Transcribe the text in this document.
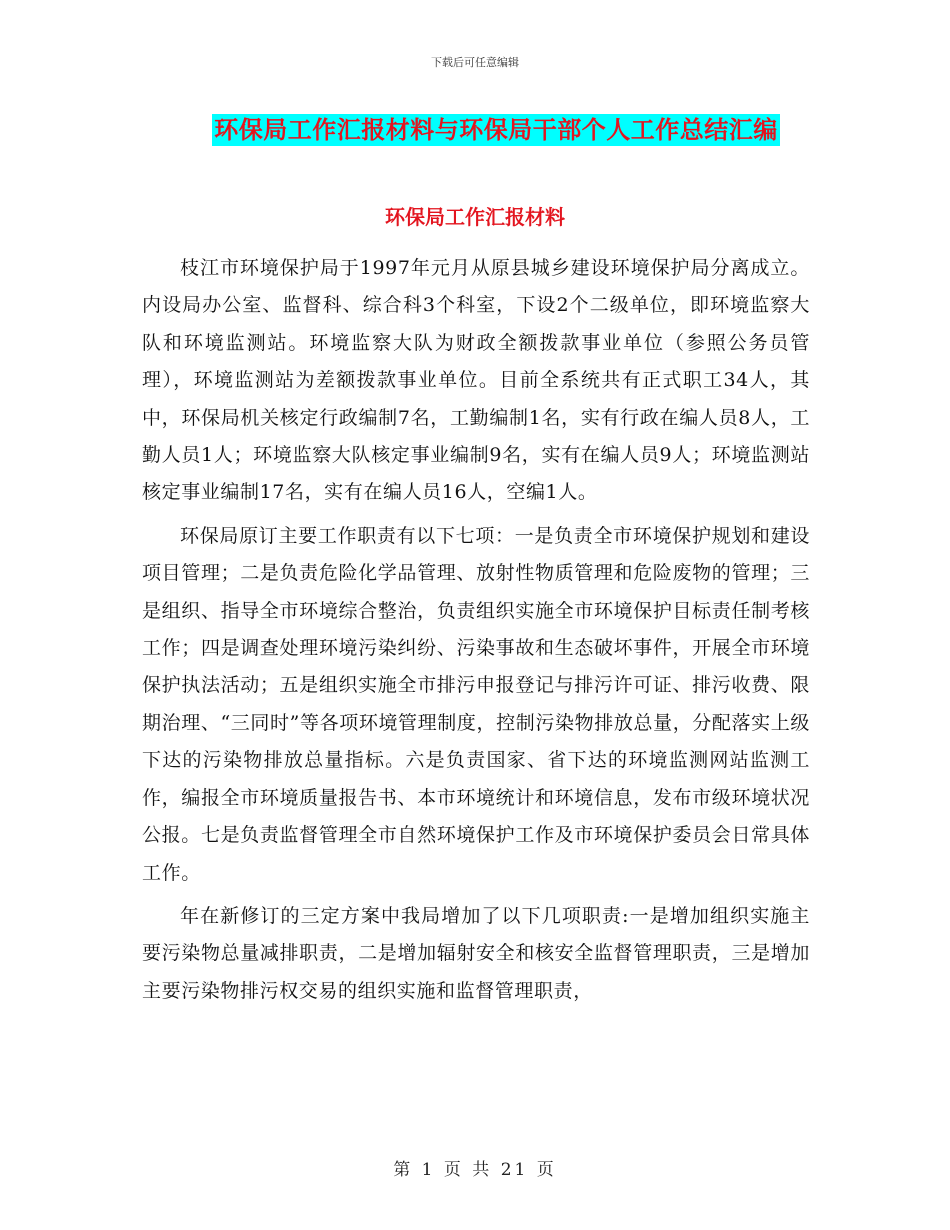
下载后可任意编辑
环保局工作汇报材料与环保局干部个人工作总结汇编
环保局工作汇报材料

枝江市环境保护局于1997年元月从原县城乡建设环境保护局分离成立。内设局办公室、监督科、综合科3个科室，下设2个二级单位，即环境监察大队和环境监测站。环境监察大队为财政全额拨款事业单位（参照公务员管理），环境监测站为差额拨款事业单位。目前全系统共有正式职工34人，其中，环保局机关核定行政编制7名，工勤编制1名，实有行政在编人员8人，工勤人员1人；环境监察大队核定事业编制9名，实有在编人员9人；环境监测站核定事业编制17名，实有在编人员16人，空编1人。

环保局原订主要工作职责有以下七项：一是负责全市环境保护规划和建设项目管理；二是负责危险化学品管理、放射性物质管理和危险废物的管理；三是组织、指导全市环境综合整治，负责组织实施全市环境保护目标责任制考核工作；四是调查处理环境污染纠纷、污染事故和生态破坏事件，开展全市环境保护执法活动；五是组织实施全市排污申报登记与排污许可证、排污收费、限期治理、“三同时”等各项环境管理制度，控制污染物排放总量，分配落实上级下达的污染物排放总量指标。六是负责国家、省下达的环境监测网站监测工作，编报全市环境质量报告书、本市环境统计和环境信息，发布市级环境状况公报。七是负责监督管理全市自然环境保护工作及市环境保护委员会日常具体工作。

年在新修订的三定方案中我局增加了以下几项职责:一是增加组织实施主要污染物总量减排职责，二是增加辐射安全和核安全监督管理职责，三是增加主要污染物排污权交易的组织实施和监督管理职责，

第 1 页 共 21 页
